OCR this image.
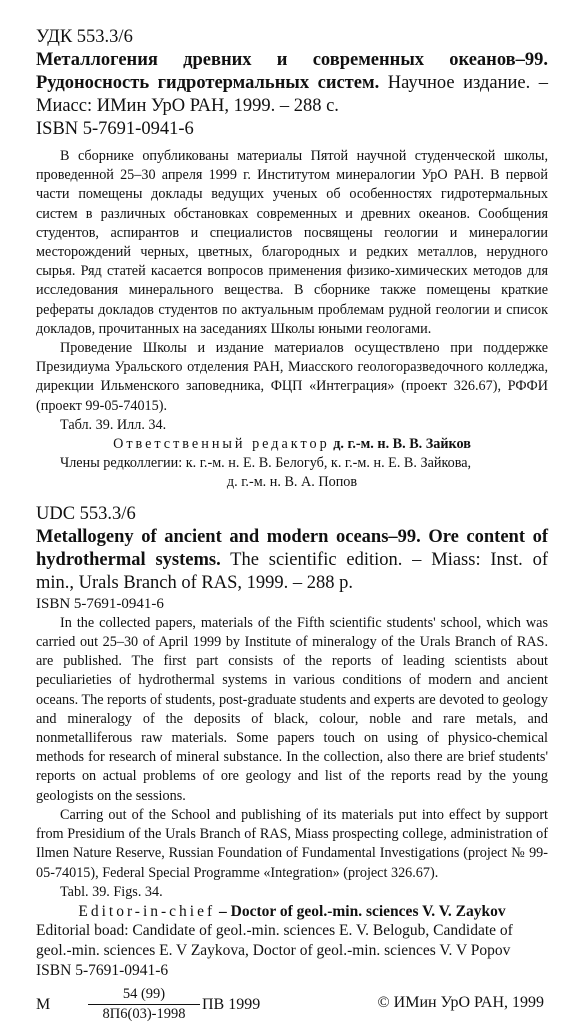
УДК 553.3/6

Металлогения древних и современных океанов–99. Рудоносность гидротермальных систем. Научное издание. – Миасс: ИМин УрО РАН, 1999. – 288 с.

ISBN 5-7691-0941-6

В сборнике опубликованы материалы Пятой научной студенческой школы, проведенной 25–30 апреля 1999 г. Институтом минералогии УрО РАН. В первой части помещены доклады ведущих ученых об особенностях гидротермальных систем в различных обстановках современных и древних океанов. Сообщения студентов, аспирантов и специалистов посвящены геологии и минералогии месторождений черных, цветных, благородных и редких металлов, нерудного сырья. Ряд статей касается вопросов применения физико-химических методов для исследования минерального вещества. В сборнике также помещены краткие рефераты докладов студентов по актуальным проблемам рудной геологии и список докладов, прочитанных на заседаниях Школы юными геологами.

Проведение Школы и издание материалов осуществлено при поддержке Президиума Уральского отделения РАН, Миасского геологоразведочного колледжа, дирекции Ильменского заповедника, ФЦП «Интеграция» (проект 326.67), РФФИ (проект 99-05-74015).

Табл. 39. Илл. 34.

Ответственный редактор д. г.-м. н. В. В. Зайков

Члены редколлегии: к. г.-м. н. Е. В. Белогуб, к. г.-м. н. Е. В. Зайкова,

д. г.-м. н. В. А. Попов

UDC 553.3/6

Metallogeny of ancient and modern oceans–99. Ore content of hydrothermal systems. The scientific edition. – Miass: Inst. of min., Urals Branch of RAS, 1999. – 288 p.

ISBN 5-7691-0941-6

In the collected papers, materials of the Fifth scientific students' school, which was carried out 25–30 of April 1999 by Institute of mineralogy of the Urals Branch of RAS. are published. The first part consists of the reports of leading scientists about peculiarieties of hydrothermal systems in various conditions of modern and ancient oceans. The reports of students, post-graduate students and experts are devoted to geology and mineralogy of the deposits of black, colour, noble and rare metals, and nonmetalliferous raw materials. Some papers touch on using of physico-chemical methods for research of mineral substance. In the collection, also there are brief students' reports on actual problems of ore geology and list of the reports read by the young geologists on the sessions.

Carring out of the School and publishing of its materials put into effect by support from Presidium of the Urals Branch of RAS, Miass prospecting college, administration of Ilmen Nature Reserve, Russian Foundation of Fundamental Investigations (project № 99-05-74015), Federal Special Programme «Integration» (project 326.67).

Tabl. 39. Figs. 34.

Editor-in-chief – Doctor of geol.-min. sciences V. V. Zaykov

Editorial boad: Candidate of geol.-min. sciences E. V. Belogub, Candidate of geol.-min. sciences E. V Zaykova, Doctor of geol.-min. sciences V. V Popov

ISBN 5-7691-0941-6
М
54 (99)
8П6(03)-1998
ПВ 1999	© ИМин УрО РАН, 1999
